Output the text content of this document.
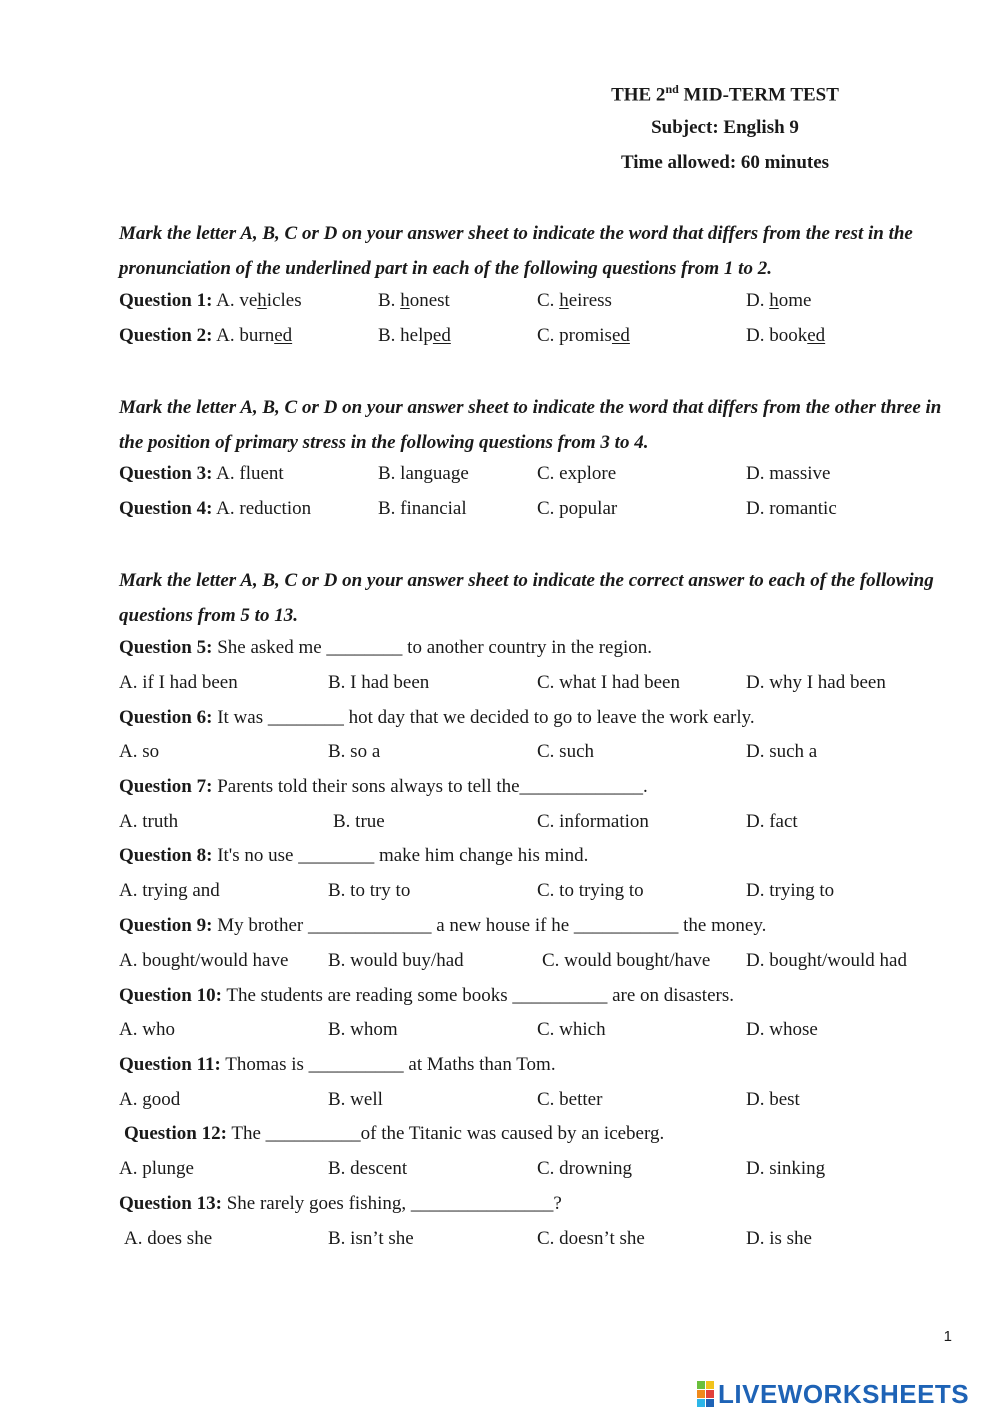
THE 2nd MID-TERM TEST
Subject: English 9
Time allowed: 60 minutes
Mark the letter A, B, C or D on your answer sheet to indicate the word that differs from the rest in the pronunciation of the underlined part in each of the following questions from 1 to 2.
Question 1: A. vehicles	B. honest	C. heiress	D. home
Question 2: A. burned	B. helped	C. promised	D. booked
Mark the letter A, B, C or D on your answer sheet to indicate the word that differs from the other three in the position of primary stress in the following questions from 3 to 4.
Question 3: A. fluent	B. language	C. explore	D. massive
Question 4: A. reduction	B. financial	C. popular	D. romantic
Mark the letter A, B, C or D on your answer sheet to indicate the correct answer to each of the following questions from 5 to 13.
Question 5: She asked me ________ to another country in the region.
A. if I had been	B. I had been	C. what I had been	D. why I had been
Question 6: It was ________ hot day that we decided to go to leave the work early.
A. so	B. so a	C. such	D. such a
Question 7: Parents told their sons always to tell the_____________.
A. truth	B. true	C. information	D. fact
Question 8: It's no use ________ make him change his mind.
A. trying and	B. to try to	C. to trying to	D. trying to
Question 9: My brother _____________ a new house if he ___________ the money.
A. bought/would have B. would buy/had	C. would bought/have D. bought/would had
Question 10: The students are reading some books __________ are on disasters.
A. who	B. whom	C. which	D. whose
Question 11: Thomas is __________ at Maths than Tom.
A. good	B. well	C. better	D. best
Question 12: The __________of the Titanic was caused by an iceberg.
A. plunge	B. descent	C. drowning	D. sinking
Question 13: She rarely goes fishing, _______________?
A. does she	B. isn’t she	C. doesn’t she	D. is she
1
LIVEWORKSHEETS
